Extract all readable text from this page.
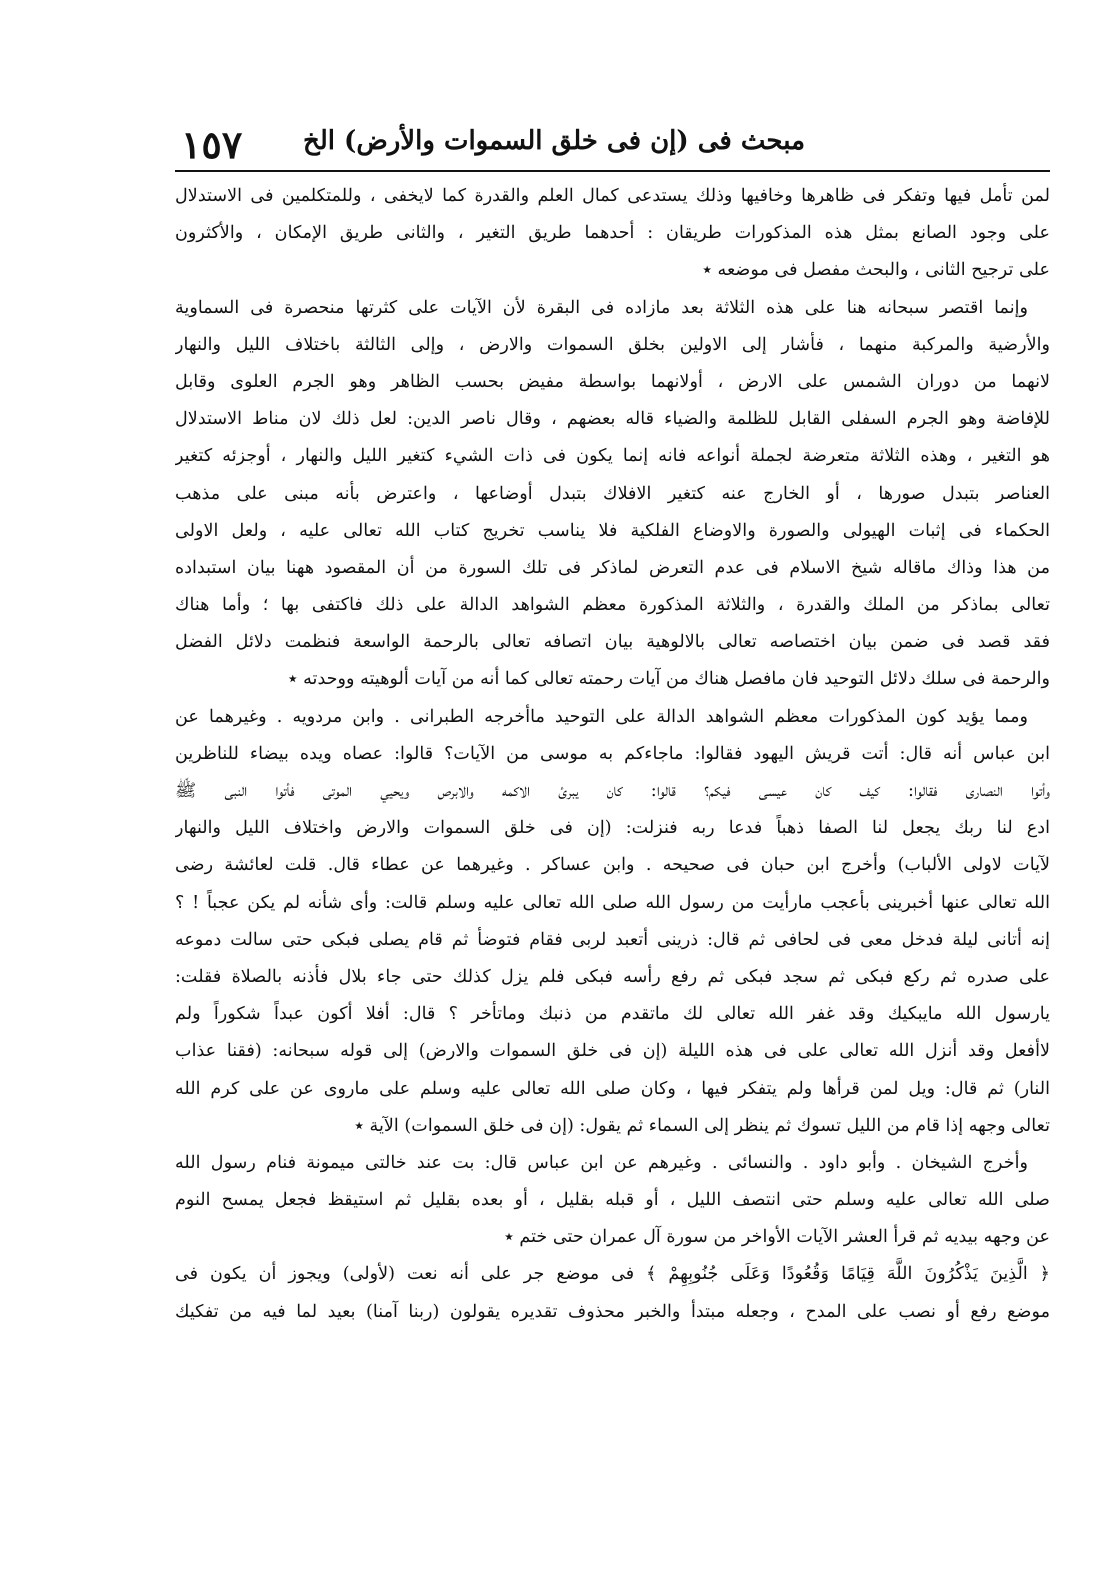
مبحث فى (إن فى خلق السموات والأرض) الخ
١٥٧
لمن تأمل فيها وتفكر فى ظاهرها وخافيها وذلك يستدعى كمال العلم والقدرة كما لايخفى ، وللمتكلمين فى الاستدلال
على وجود الصانع بمثل هذه المذكورات طريقان : أحدهما طريق التغير ، والثانى طريق الإمكان ، والأكثرون
على ترجيح الثانى ، والبحث مفصل فى موضعه ٭
وإنما اقتصر سبحانه هنا على هذه الثلاثة بعد مازاده فى البقرة لأن الآيات على كثرتها منحصرة فى السماوية
والأرضية والمركبة منهما ، فأشار إلى الاولين بخلق السموات والارض ، وإلى الثالثة باختلاف الليل والنهار
لانهما من دوران الشمس على الارض ، أولانهما بواسطة مفيض بحسب الظاهر وهو الجرم العلوى وقابل
للإفاضة وهو الجرم السفلى القابل للظلمة والضياء قاله بعضهم ، وقال ناصر الدين: لعل ذلك لان مناط الاستدلال
هو التغير ، وهذه الثلاثة متعرضة لجملة أنواعه فانه إنما يكون فى ذات الشيء كتغير الليل والنهار ، أوجزئه كتغير
العناصر بتبدل صورها ، أو الخارج عنه كتغير الافلاك بتبدل أوضاعها ، واعترض بأنه مبنى على مذهب
الحكماء فى إثبات الهيولى والصورة والاوضاع الفلكية فلا يناسب تخريج كتاب الله تعالى عليه ، ولعل الاولى
من هذا وذاك ماقاله شيخ الاسلام فى عدم التعرض لماذكر فى تلك السورة من أن المقصود ههنا بيان استبداده
تعالى بماذكر من الملك والقدرة ، والثلاثة المذكورة معظم الشواهد الدالة على ذلك فاكتفى بها ؛ وأما هناك
فقد قصد فى ضمن بيان اختصاصه تعالى بالالوهية بيان اتصافه تعالى بالرحمة الواسعة فنظمت دلائل الفضل
والرحمة فى سلك دلائل التوحيد فان مافصل هناك من آيات رحمته تعالى كما أنه من آيات ألوهيته ووحدته ٭
ومما يؤيد كون المذكورات معظم الشواهد الدالة على التوحيد ماأخرجه الطبرانى . وابن مردويه . وغيرهما عن
ابن عباس أنه قال: أتت قريش اليهود فقالوا: ماجاءكم به موسى من الآيات؟ قالوا: عصاه ويده بيضاء للناظرين
وأتوا النصارى فقالوا: كيف كان عيسى فيكم؟ قالوا: كان يبرئ الاكمه والابرص ويحيي الموتى فأتوا النبى ﷺ
ادع لنا ربك يجعل لنا الصفا ذهباً فدعا ربه فنزلت: (إن فى خلق السموات والارض واختلاف الليل والنهار
لآيات لاولى الألباب) وأخرج ابن حبان فى صحيحه . وابن عساكر . وغيرهما عن عطاء قال. قلت لعائشة رضى
الله تعالى عنها أخبرينى بأعجب مارأيت من رسول الله صلى الله تعالى عليه وسلم قالت: وأى شأنه لم يكن عجباً ! ؟
إنه أتانى ليلة فدخل معى فى لحافى ثم قال: ذرينى أتعبد لربى فقام فتوضأ ثم قام يصلى فبكى حتى سالت دموعه
على صدره ثم ركع فبكى ثم سجد فبكى ثم رفع رأسه فبكى فلم يزل كذلك حتى جاء بلال فأذنه بالصلاة فقلت:
يارسول الله مايبكيك وقد غفر الله تعالى لك ماتقدم من ذنبك وماتأخر ؟ قال: أفلا أكون عبداً شكوراً ولم
لاأفعل وقد أنزل الله تعالى على فى هذه الليلة (إن فى خلق السموات والارض) إلى قوله سبحانه: (فقنا عذاب
النار) ثم قال: ويل لمن قرأها ولم يتفكر فيها ، وكان صلى الله تعالى عليه وسلم على ماروى عن على كرم الله
تعالى وجهه إذا قام من الليل تسوك ثم ينظر إلى السماء ثم يقول: (إن فى خلق السموات) الآية ٭
وأخرج الشيخان . وأبو داود . والنسائى . وغيرهم عن ابن عباس قال: بت عند خالتى ميمونة فنام رسول الله
صلى الله تعالى عليه وسلم حتى انتصف الليل ، أو قبله بقليل ، أو بعده بقليل ثم استيقظ فجعل يمسح النوم
عن وجهه بيديه ثم قرأ العشر الآيات الأواخر من سورة آل عمران حتى ختم ٭
﴿ الَّذِينَ يَذْكُرُونَ اللَّهَ قِيَامًا وَقُعُودًا وَعَلَى جُنُوبِهِمْ ﴾ فى موضع جر على أنه نعت (لأولى) ويجوز أن يكون فى
موضع رفع أو نصب على المدح ، وجعله مبتدأ والخبر محذوف تقديره يقولون (ربنا آمنا) بعيد لما فيه من تفكيك
